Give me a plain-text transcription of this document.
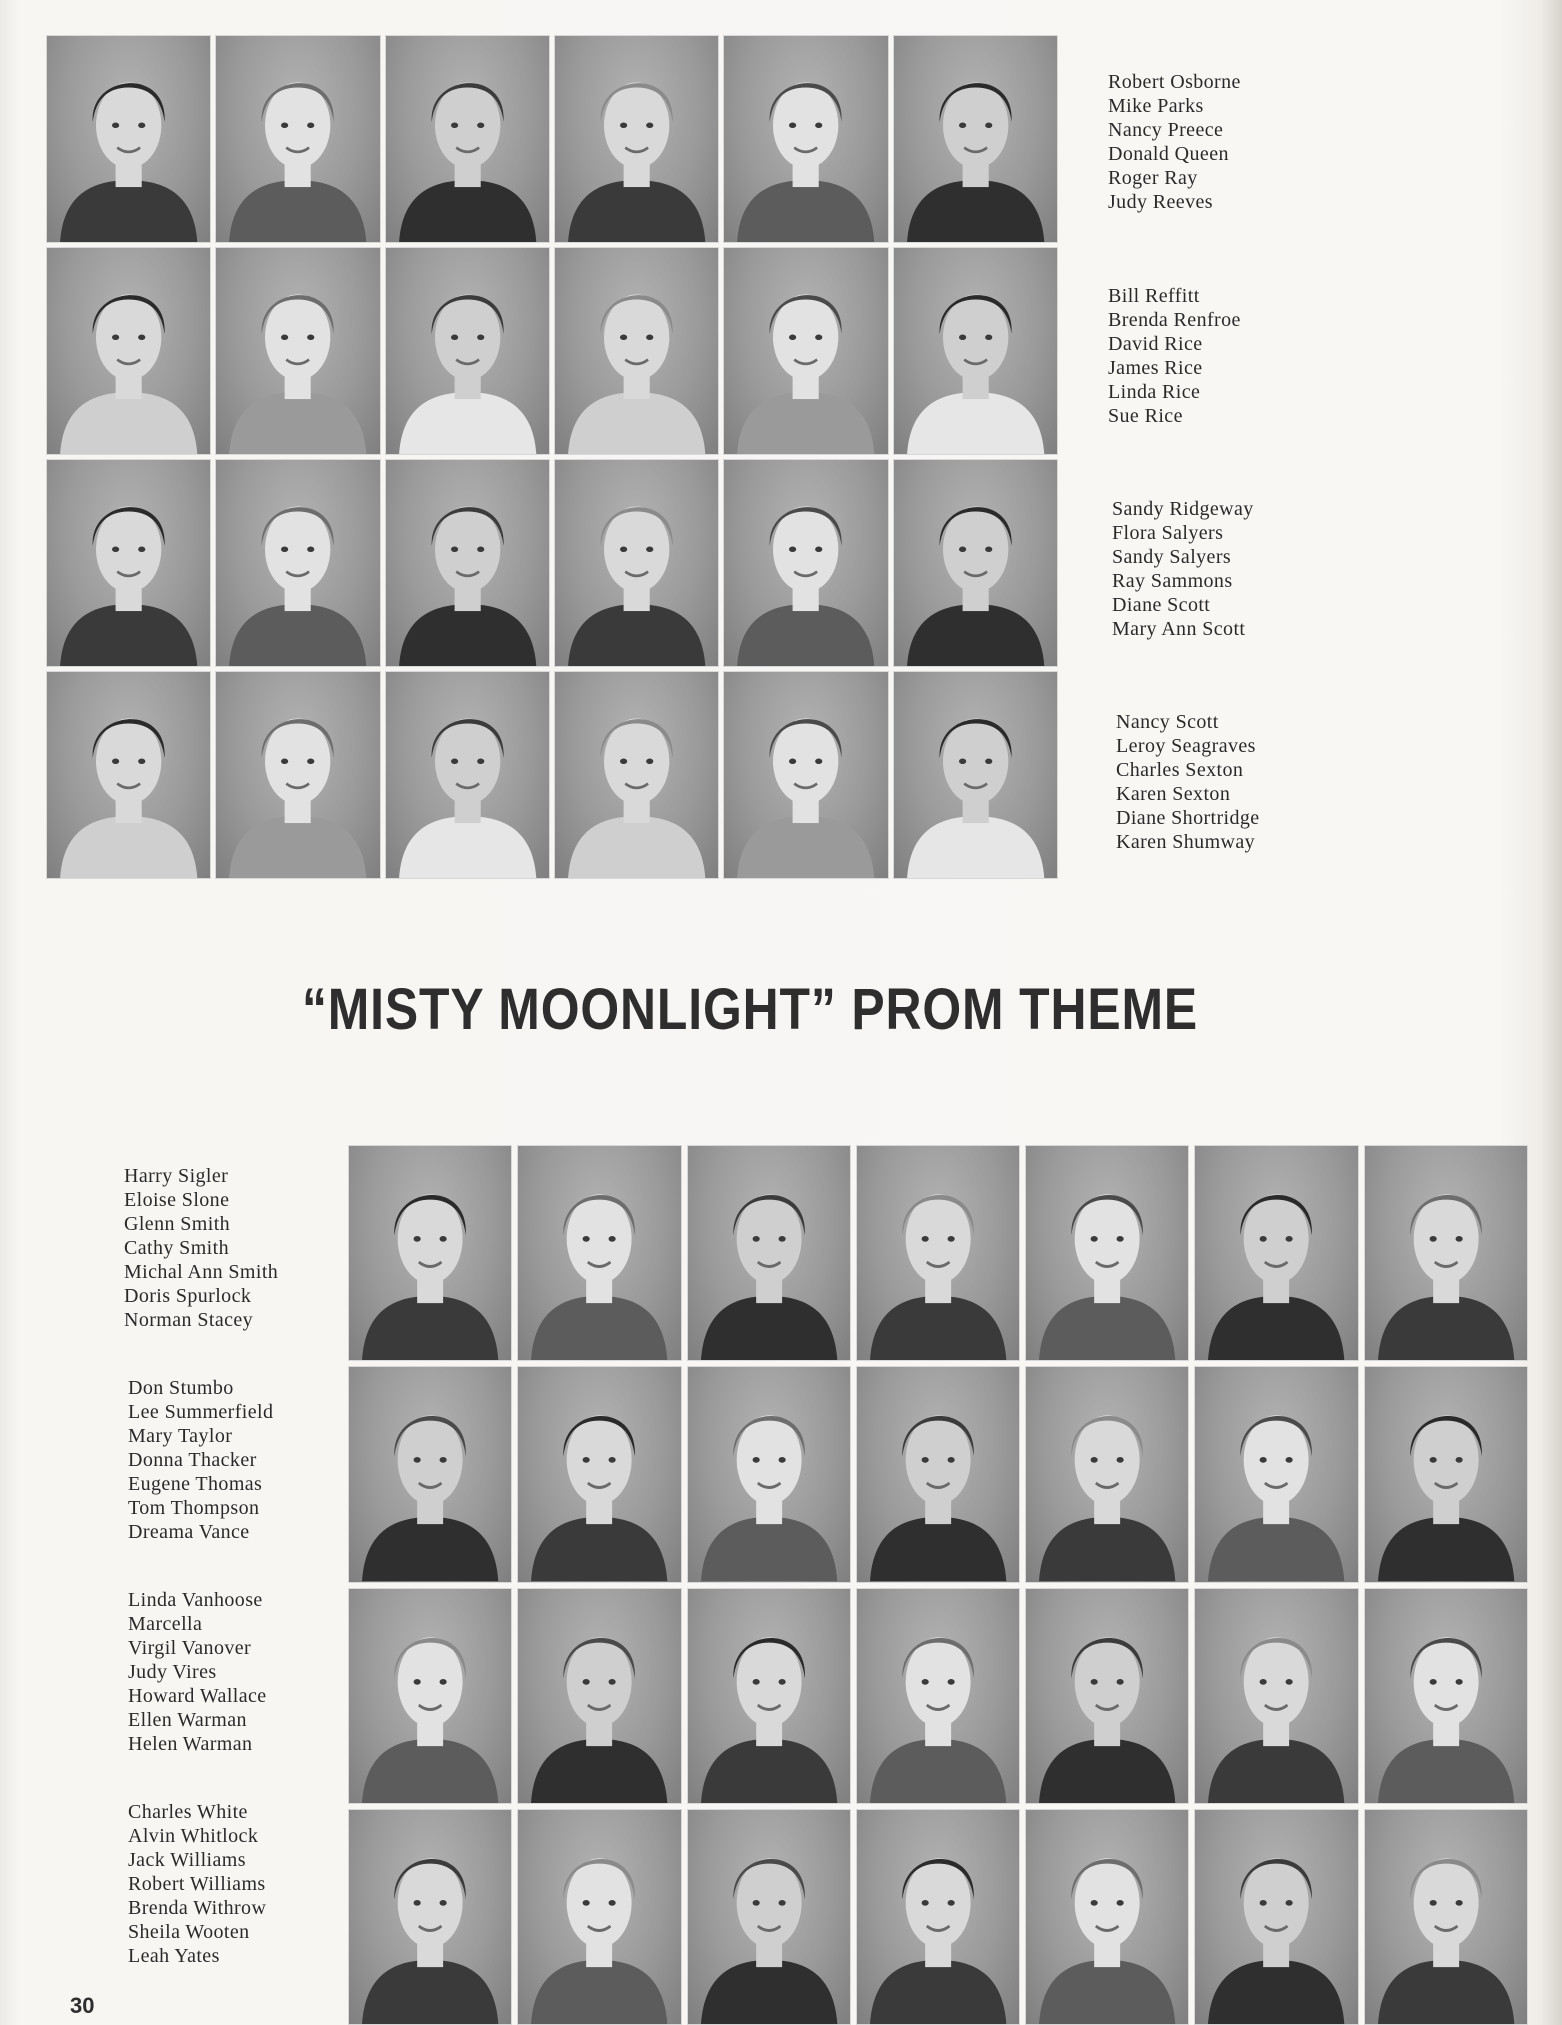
Robert Osborne
Mike Parks
Nancy Preece
Donald Queen
Roger Ray
Judy Reeves
Bill Reffitt
Brenda Renfroe
David Rice
James Rice
Linda Rice
Sue Rice
Sandy Ridgeway
Flora Salyers
Sandy Salyers
Ray Sammons
Diane Scott
Mary Ann Scott
Nancy Scott
Leroy Seagraves
Charles Sexton
Karen Sexton
Diane Shortridge
Karen Shumway
“MISTY MOONLIGHT” PROM THEME
Harry Sigler
Eloise Slone
Glenn Smith
Cathy Smith
Michal Ann Smith
Doris Spurlock
Norman Stacey
Don Stumbo
Lee Summerfield
Mary Taylor
Donna Thacker
Eugene Thomas
Tom Thompson
Dreama Vance
Linda Vanhoose
Marcella
Virgil Vanover
Judy Vires
Howard Wallace
Ellen Warman
Helen Warman
Charles White
Alvin Whitlock
Jack Williams
Robert Williams
Brenda Withrow
Sheila Wooten
Leah Yates
30
